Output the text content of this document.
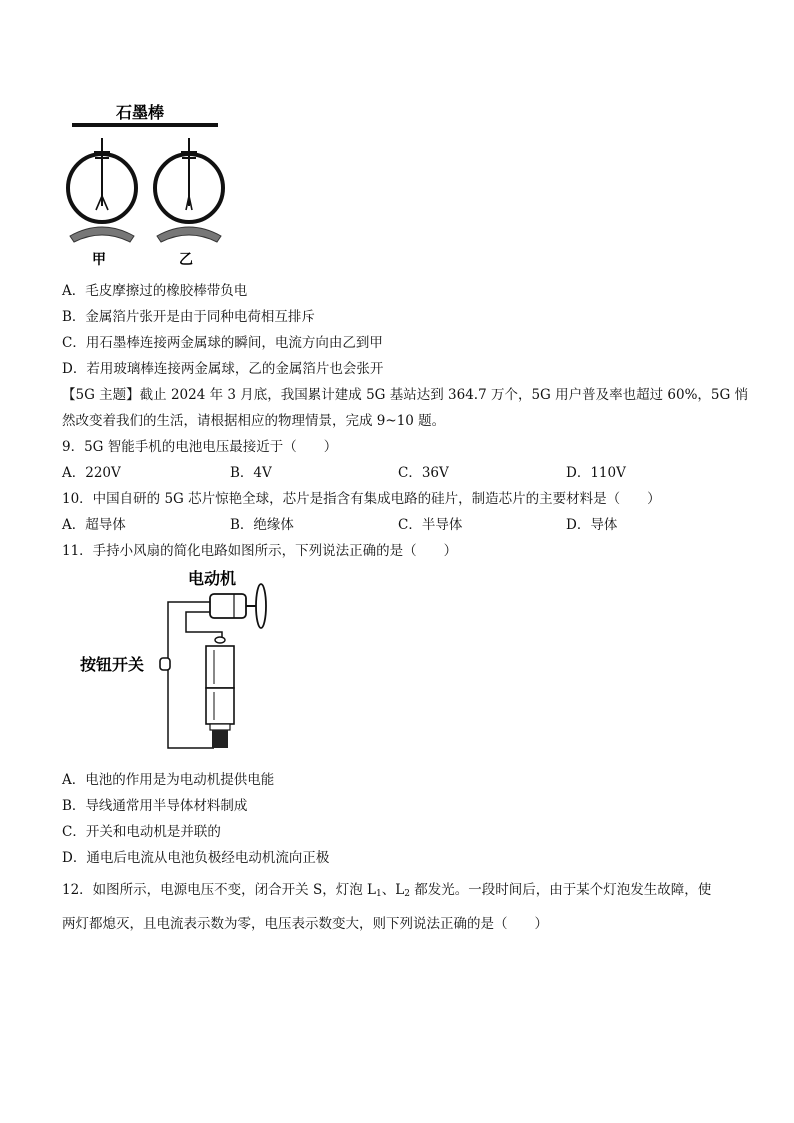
石墨棒
甲	乙
A．毛皮摩擦过的橡胶棒带负电
B．金属箔片张开是由于同种电荷相互排斥
C．用石墨棒连接两金属球的瞬间，电流方向由乙到甲
D．若用玻璃棒连接两金属球，乙的金属箔片也会张开
【5G 主题】截止 2024 年 3 月底，我国累计建成 5G 基站达到 364.7 万个，5G 用户普及率也超过 60%，5G 悄
然改变着我们的生活，请根据相应的物理情景，完成 9~10 题。
9．5G 智能手机的电池电压最接近于（　　）
A．220V	B．4V	C．36V	D．110V
10．中国自研的 5G 芯片惊艳全球，芯片是指含有集成电路的硅片，制造芯片的主要材料是（　　）
A．超导体	B．绝缘体	C．半导体	D．导体
11．手持小风扇的简化电路如图所示，下列说法正确的是（　　）
电动机
按钮开关
A．电池的作用是为电动机提供电能
B．导线通常用半导体材料制成
C．开关和电动机是并联的
D．通电后电流从电池负极经电动机流向正极
12．如图所示，电源电压不变，闭合开关 S，灯泡 $L_1$、$L_2$ 都发光。一段时间后，由于某个灯泡发生故障，使
两灯都熄灭，且电流表示数为零，电压表示数变大，则下列说法正确的是（　　）
